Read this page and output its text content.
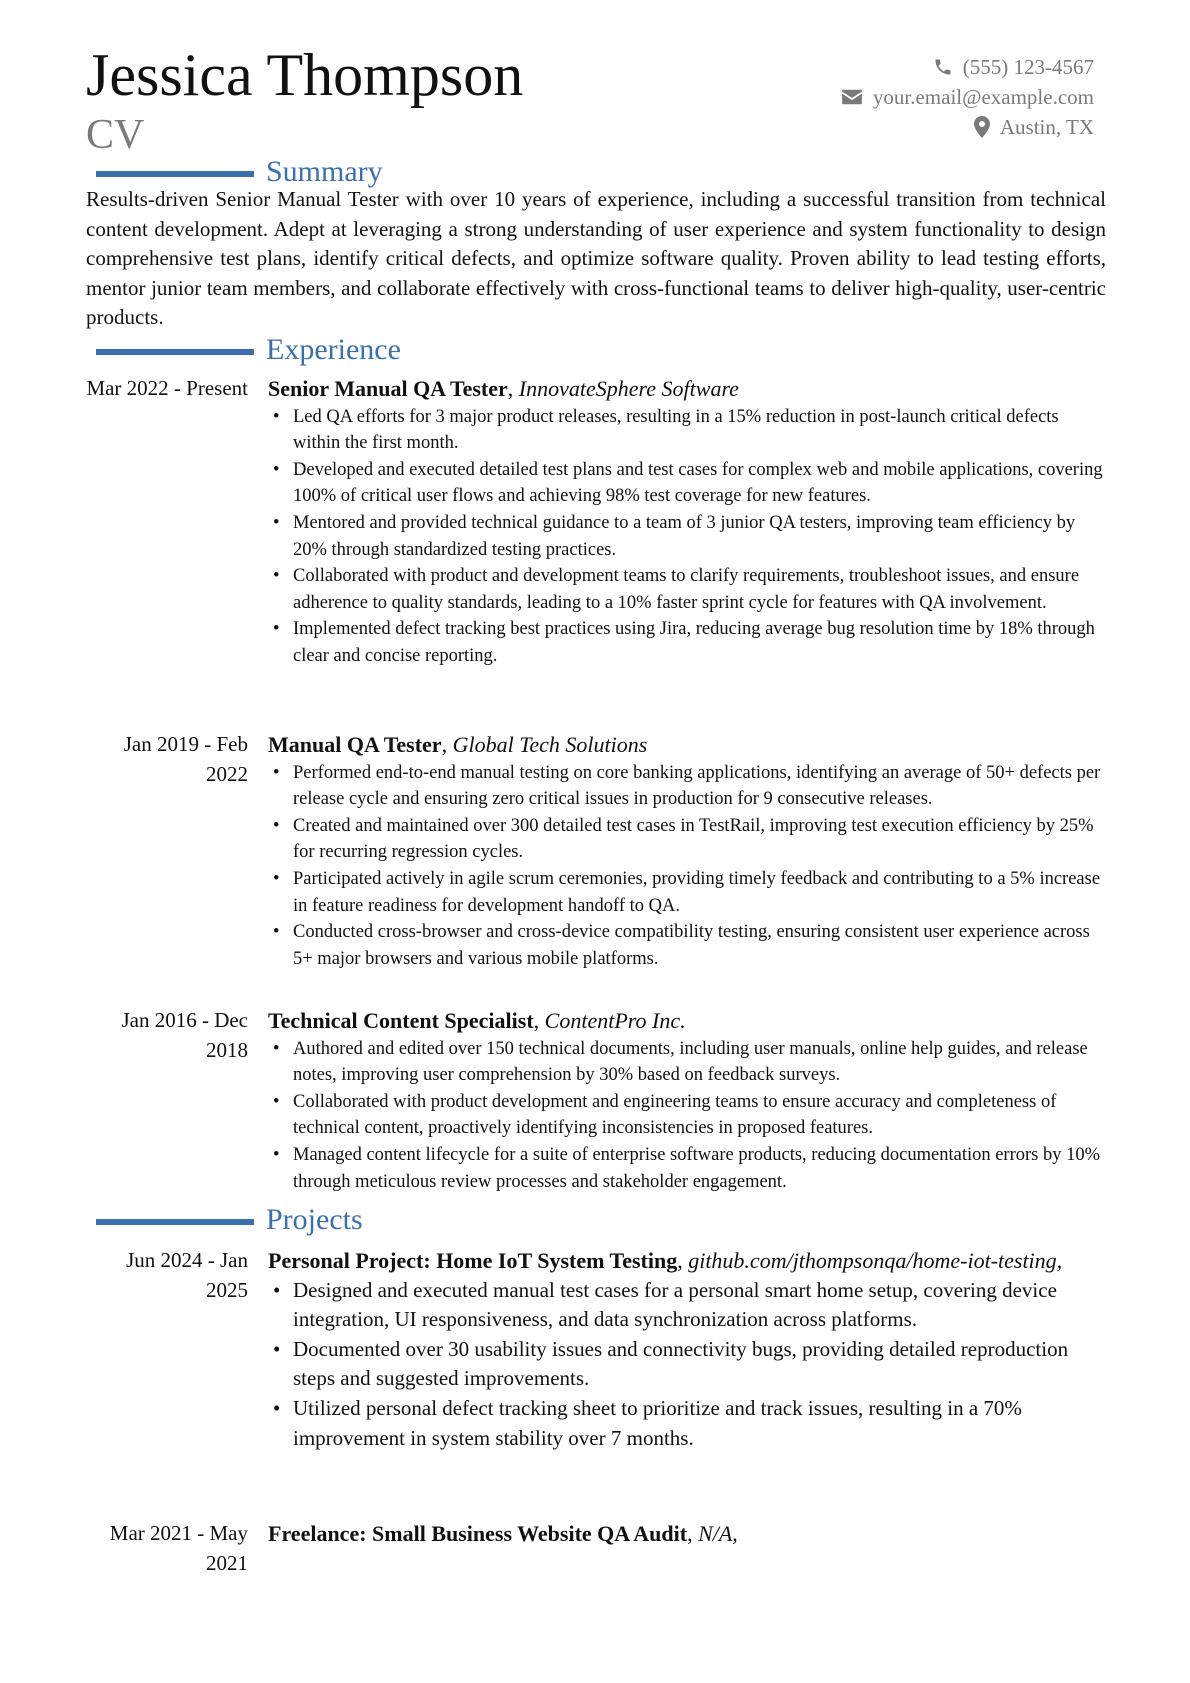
Jessica Thompson
CV
(555) 123-4567
your.email@example.com
Austin, TX
Summary
Results-driven Senior Manual Tester with over 10 years of experience, including a successful transition from technical content development. Adept at leveraging a strong understanding of user experience and system functionality to design comprehensive test plans, identify critical defects, and optimize software quality. Proven ability to lead testing efforts, mentor junior team members, and collaborate effectively with cross-functional teams to deliver high-quality, user-centric products.
Experience
Mar 2022 - Present Senior Manual QA Tester, InnovateSphere Software
• Led QA efforts for 3 major product releases, resulting in a 15% reduction in post-launch critical defects within the first month.
• Developed and executed detailed test plans and test cases for complex web and mobile applications, covering 100% of critical user flows and achieving 98% test coverage for new features.
• Mentored and provided technical guidance to a team of 3 junior QA testers, improving team efficiency by 20% through standardized testing practices.
• Collaborated with product and development teams to clarify requirements, troubleshoot issues, and ensure adherence to quality standards, leading to a 10% faster sprint cycle for features with QA involvement.
• Implemented defect tracking best practices using Jira, reducing average bug resolution time by 18% through clear and concise reporting.
Jan 2019 - Feb 2022
Manual QA Tester, Global Tech Solutions
• Performed end-to-end manual testing on core banking applications, identifying an average of 50+ defects per release cycle and ensuring zero critical issues in production for 9 consecutive releases.
• Created and maintained over 300 detailed test cases in TestRail, improving test execution efficiency by 25% for recurring regression cycles.
• Participated actively in agile scrum ceremonies, providing timely feedback and contributing to a 5% increase in feature readiness for development handoff to QA.
• Conducted cross-browser and cross-device compatibility testing, ensuring consistent user experience across 5+ major browsers and various mobile platforms.
Jan 2016 - Dec 2018
Technical Content Specialist, ContentPro Inc.
• Authored and edited over 150 technical documents, including user manuals, online help guides, and release notes, improving user comprehension by 30% based on feedback surveys.
• Collaborated with product development and engineering teams to ensure accuracy and completeness of technical content, proactively identifying inconsistencies in proposed features.
• Managed content lifecycle for a suite of enterprise software products, reducing documentation errors by 10% through meticulous review processes and stakeholder engagement.
Projects
Jun 2024 - Jan 2025
Personal Project: Home IoT System Testing, github.com/jthompsonqa/home-iot-testing,
• Designed and executed manual test cases for a personal smart home setup, covering device integration, UI responsiveness, and data synchronization across platforms.
• Documented over 30 usability issues and connectivity bugs, providing detailed reproduction steps and suggested improvements.
• Utilized personal defect tracking sheet to prioritize and track issues, resulting in a 70% improvement in system stability over 7 months.
Mar 2021 - May 2021
Freelance: Small Business Website QA Audit, N/A,
